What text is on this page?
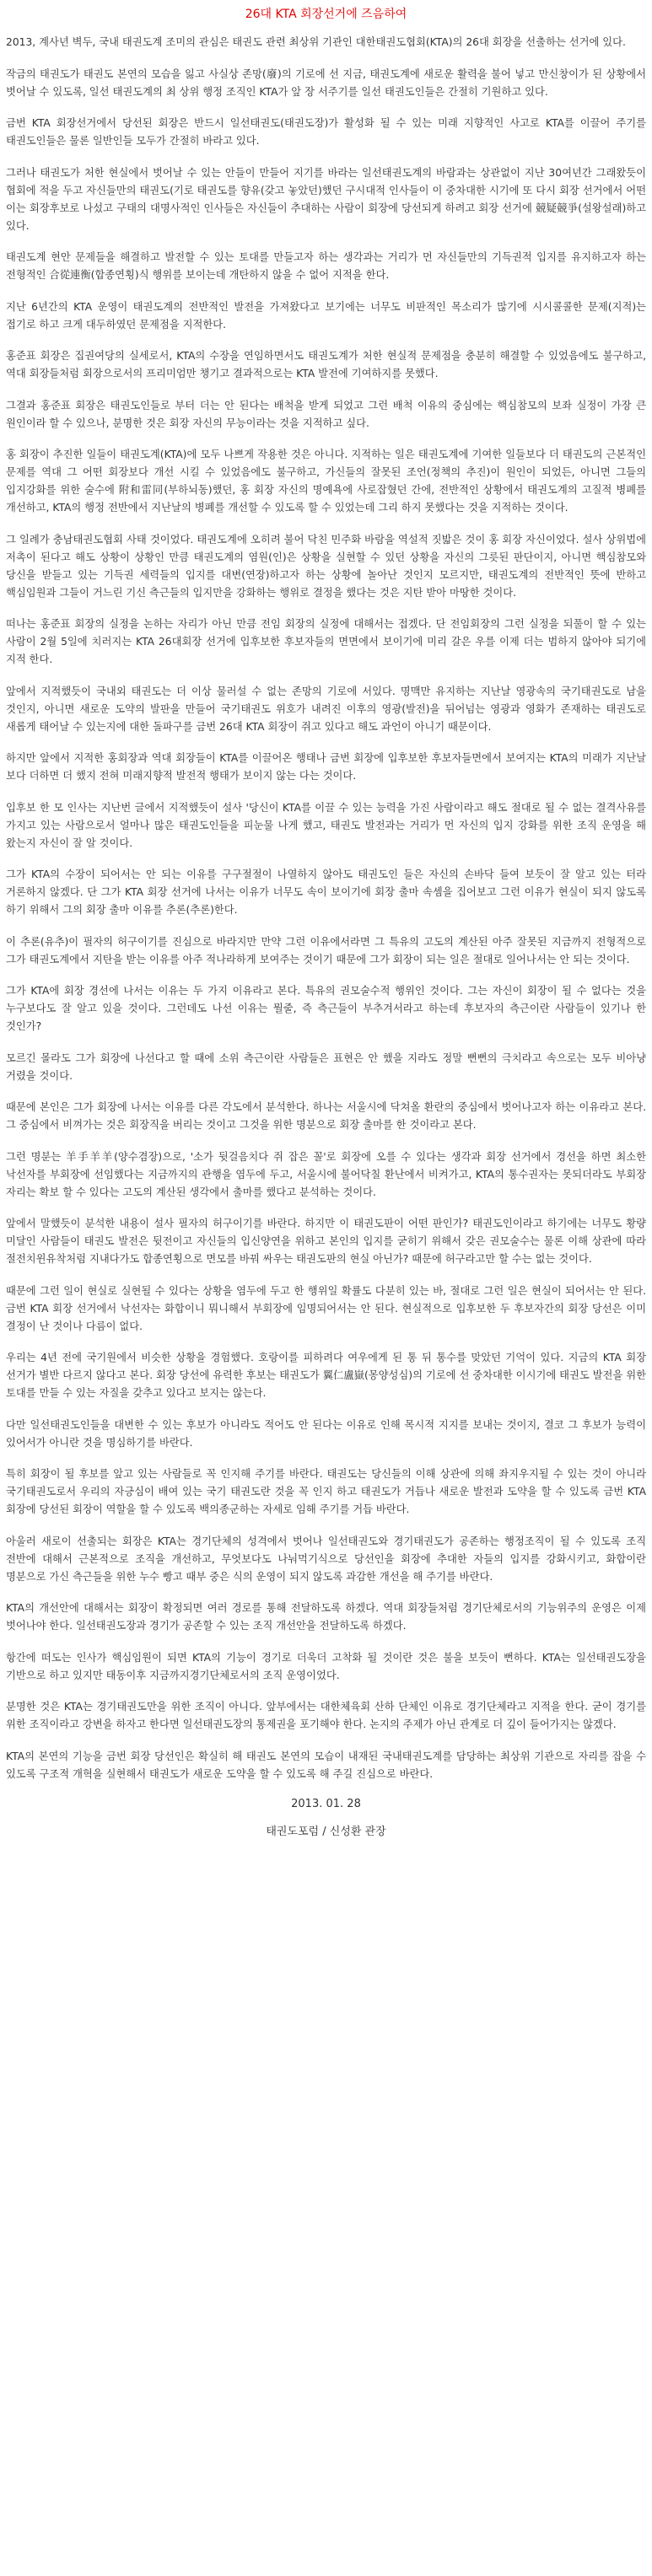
26대 KTA 회장선거에 즈음하여

2013, 계사년 벽두, 국내 태권도계 조미의 관심은 태권도 관련 최상위 기관인 대한태권도협회(KTA)의 26대 회장을 선출하는 선거에 있다.

작금의 태권도가 태권도 본연의 모습을 잃고 사실상 존망(廢)의 기로에 선 지금, 태권도계에 새로운 활력을 불어 넣고 만신창이가 된 상황에서 벗어날 수 있도록, 일선 태권도계의 최 상위 행정 조직인 KTA가 앞 장 서주기를 일선 태권도인들은 간절히 기원하고 있다.

금번 KTA 회장선거에서 당선된 회장은 반드시 일선태권도(태권도장)가 활성화 될 수 있는 미래 지향적인 사고로 KTA를 이끌어 주기를 태권도인들은 물론 일반인들 모두가 간절히 바라고 있다.

그러나 태권도가 처한 현실에서 벗어날 수 있는 안들이 만들어 지기를 바라는 일선태권도계의 바람과는 상관없이 지난 30여년간 그래왔듯이 협회에 적을 두고 자신들만의 태권도(기로 태권도를 향유(갖고 놓았던)했던 구시대적 인사들이 이 중차대한 시기에 또 다시 회장 선거에서 어떤 이는 회장후보로 나섰고 구태의 대명사적인 인사들은 자신들이 추대하는 사람이 회장에 당선되게 하려고 회장 선거에 競疑競爭(설왕설래)하고 있다.

태권도계 현안 문제들을 해결하고 발전할 수 있는 토대를 만들고자 하는 생각과는 거리가 먼 자신들만의 기득권적 입지를 유지하고자 하는 전형적인 合從連衡(합종연횡)식 행위를 보이는데 개탄하지 않을 수 없어 지적을 한다.

지난 6년간의 KTA 운영이 태권도계의 전반적인 발전을 가져왔다고 보기에는 너무도 비판적인 목소리가 많기에 시시콜콜한 문제(지적)는 접기로 하고 크게 대두하였던 문제점을 지적한다.

홍준표 회장은 집권여당의 실세로서, KTA의 수장을 연임하면서도 태권도계가 처한 현실적 문제점을 충분히 해결할 수 있었음에도 불구하고, 역대 회장들처럼 회장으로서의 프리미엄만 챙기고 결과적으로는 KTA 발전에 기여하지를 못했다.

그결과 홍준표 회장은 태권도인들로 부터 더는 안 된다는 배척을 받게 되었고 그런 배척 이유의 중심에는 핵심참모의 보좌 실정이 가장 큰 원인이라 할 수 있으나, 분명한 것은 회장 자신의 무능이라는 것을 지적하고 싶다.

홍 회장이 추진한 일들이 태권도계(KTA)에 모두 나쁘게 작용한 것은 아니다. 지적하는 일은 태권도계에 기여한 일들보다 더 태권도의 근본적인 문제를 역대 그 어떤 회장보다 개선 시킬 수 있었음에도 불구하고, 가신들의 잘못된 조언(정책의 추진)이 원인이 되었든, 아니면 그들의 입지강화를 위한 술수에 附和雷同(부하뇌동)했던, 홍 회장 자신의 명예욕에 사로잡혔던 간에, 전반적인 상황에서 태권도계의 고질적 병폐를 개선하고, KTA의 행정 전반에서 지난날의 병폐를 개선할 수 있도록 할 수 있었는데 그리 하지 못했다는 것을 지적하는 것이다.

그 일례가 충남태권도협회 사태 것이었다. 태권도계에 오히려 불어 닥친 민주화 바람을 역설적 짓밟은 것이 홍 회장 자신이었다. 설사 상위법에 저촉이 된다고 해도 상황이 상황인 만큼 태권도계의 염원(인)은 상황을 실현할 수 있던 상황을 자신의 그릇된 판단이지, 아니면 핵심참모와 당신을 받들고 있는 기득권 세력들의 입지를 대변(연장)하고자 하는 상황에 놀아난 것인지 모르지만, 태권도계의 전반적인 뜻에 반하고 핵심임원과 그들이 거느린 기신 측근들의 입지만을 강화하는 행위로 결정을 했다는 것은 지탄 받아 마땅한 것이다.

떠나는 홍준표 회장의 실정을 논하는 자리가 아닌 만큼 전임 회장의 실정에 대해서는 접겠다. 단 전임회장의 그런 실정을 되풀이 할 수 있는 사람이 2월 5일에 치러지는 KTA 26대회장 선거에 입후보한 후보자들의 면면에서 보이기에 미리 갈은 우를 이제 더는 범하지 않아야 되기에 지적 한다.

앞에서 지적했듯이 국내외 태권도는 더 이상 물러설 수 없는 존망의 기로에 서있다. 명맥만 유지하는 지난날 영광속의 국기태권도로 남을 것인지, 아니면 새로운 도약의 발판을 만들어 국기태권도 위호가 내려진 이후의 영광(발전)을 뒤어넘는 영광과 영화가 존재하는 태권도로 새롭게 태어날 수 있는지에 대한 돌파구를 금번 26대 KTA 회장이 쥐고 있다고 해도 과언이 아니기 때문이다.

하지만 앞에서 지적한 홍회장과 역대 회장들이 KTA를 이끌어온 행태나 금번 회장에 입후보한 후보자들면에서 보여지는 KTA의 미래가 지난날 보다 더하면 더 했지 전혀 미래지향적 발전적 행태가 보이지 않는 다는 것이다.

입후보 한 모 인사는 지난번 글에서 지적했듯이 설사 '당신이 KTA를 이끌 수 있는 능력을 가진 사람이라고 해도 절대로 될 수 없는 결격사유를 가지고 있는 사람으로서 얼마나 많은 태권도인들을 피눈물 나게 했고, 태권도 발전과는 거리가 먼 자신의 입지 강화를 위한 조직 운영을 해 왔는지 자신이 잘 알 것이다.

그가 KTA의 수장이 되어서는 안 되는 이유를 구구절절이 나열하지 않아도 태권도인 들은 자신의 손바닥 들여 보듯이 잘 알고 있는 터라 거론하지 않겠다. 단 그가 KTA 회장 선거에 나서는 이유가 너무도 속이 보이기에 회장 출마 속셈을 집어보고 그런 이유가 현실이 되지 않도록 하기 위해서 그의 회장 출마 이유를 추론(추론)한다.

이 추론(유추)이 필자의 허구이기를 진심으로 바라지만 만약 그런 이유에서라면 그 특유의 고도의 계산된 아주 잘못된 지금까지 전형적으로 그가 태권도계에서 지탄을 받는 이유를 아주 적나라하게 보여주는 것이기 때문에 그가 회장이 되는 일은 절대로 일어나서는 안 되는 것이다.

그가 KTA에 회장 경선에 나서는 이유는 두 가지 이유라고 본다. 특유의 권모술수적 행위인 것이다. 그는 자신이 회장이 될 수 없다는 것을 누구보다도 잘 알고 있을 것이다. 그런데도 나선 이유는 뭘줄, 즉 측근들이 부추겨서라고 하는데 후보자의 측근이란 사람들이 있기나 한 것인가?

모르긴 몰라도 그가 회장에 나선다고 할 때에 소위 측근이란 사람들은 표현은 안 했을 지라도 정말 뻔뻔의 극치라고 속으로는 모두 비아냥 거렸을 것이다.

때문에 본인은 그가 회장에 나서는 이유를 다른 각도에서 분석한다. 하나는 서울시에 닥쳐올 환란의 중심에서 벗어나고자 하는 이유라고 본다. 그 중심에서 비껴가는 것은 회장직을 버리는 것이고 그것을 위한 명분으로 회장 출마를 한 것이라고 본다.

그런 명분는 羊手羊羊(양수겸장)으로, '소가 뒷걸음치다 쥐 잡은 꼴'로 회장에 오를 수 있다는 생각과 회장 선거에서 경선을 하면 최소한 낙선자를 부회장에 선임했다는 지금까지의 관행을 염두에 두고, 서울시에 불어닥칠 환난에서 비켜가고, KTA의 통수권자는 못되더라도 부회장 자리는 확보 할 수 있다는 고도의 계산된 생각에서 출마를 했다고 분석하는 것이다.

앞에서 말했듯이 분석한 내용이 설사 필자의 허구이기를 바란다. 하지만 이 태권도판이 어떤 판인가? 태권도인이라고 하기에는 너무도 황량 미달인 사람들이 태권도 발전은 뒷전이고 자신들의 입신양연을 위하고 본인의 입지를 굳히기 위해서 갖은 권모술수는 물론 이해 상관에 따라 절전치윈유착처럼 지내다가도 합종연횡으로 면모를 바꿔 싸우는 태권도판의 현실 아닌가? 때문에 허구라고만 할 수는 없는 것이다.

때문에 그런 일이 현실로 실현될 수 있다는 상황을 염두에 두고 한 행위일 확률도 다분히 있는 바, 절대로 그런 일은 현실이 되어서는 안 된다. 금번 KTA 회장 선거에서 낙선자는 화합이니 뭐니해서 부회장에 임명되어서는 안 된다. 현실적으로 입후보한 두 후보자간의 회장 당선은 이미 결정이 난 것이나 다름이 없다.

우리는 4년 전에 국기원에서 비슷한 상황을 경험했다. 호랑이를 피하려다 여우에게 된 통 뒤 통수를 맞았던 기억이 있다. 지금의 KTA 회장 선거가 별반 다르지 않다고 본다. 회장 당선에 유력한 후보는 태권도가 翼仁盧嶽(몽양성심)의 기로에 선 중차대한 이시기에 태권도 발전을 위한 토대를 만들 수 있는 자질을 갖추고 있다고 보지는 않는다.

다만 일선태권도인들을 대변한 수 있는 후보가 아니라도 적어도 안 된다는 이유로 인해 목시적 지지를 보내는 것이지, 결코 그 후보가 능력이 있어서가 아니란 것을 명심하기를 바란다.

특히 회장이 될 후보를 앞고 있는 사람들로 꼭 인지해 주기를 바란다. 태권도는 당신들의 이해 상관에 의해 좌지우지될 수 있는 것이 아니라 국기태권도로서 우리의 자긍심이 배여 있는 국기 태권도란 것을 꼭 인지 하고 태권도가 거듭나 새로운 발전과 도약을 할 수 있도록 금번 KTA 회장에 당선된 회장이 역할을 할 수 있도록 백의종군하는 자세로 임해 주기를 거듭 바란다.

아울러 새로이 선출되는 회장은 KTA는 경기단체의 성격에서 벗어나 일선태권도와 경기태권도가 공존하는 행정조직이 될 수 있도록 조직 전반에 대해서 근본적으로 조직을 개선하고, 무엇보다도 나눠먹기식으로 당선인을 회장에 추대한 자들의 입지를 강화시키고, 화합이란 명분으로 가신 측근들을 위한 누수 빵고 때부 중은 식의 운영이 되지 않도록 과감한 개선을 해 주기를 바란다.

KTA의 개선안에 대해서는 회장이 확정되면 여러 경로를 통해 전달하도록 하겠다. 역대 회장들처럼 경기단체로서의 기능위주의 운영은 이제 벗어나야 한다. 일선태권도장과 경기가 공존할 수 있는 조직 개선안을 전달하도록 하겠다.

항간에 떠도는 인사가 핵심임원이 되면 KTA의 기능이 경기로 더욱더 고착화 될 것이란 것은 불을 보듯이 뻔하다. KTA는 일선태권도장을 기반으로 하고 있지만 태동이후 지금까지경기단체로서의 조직 운영이었다.

분명한 것은 KTA는 경기태권도만을 위한 조직이 아니다. 앞부에서는 대한체육회 산하 단체인 이유로 경기단체라고 지적을 한다. 굳이 경기를 위한 조직이라고 강변을 하자고 한다면 일선태권도장의 통제권을 포기해야 한다. 논지의 주제가 아닌 관계로 더 깊이 들어가지는 않겠다.

KTA의 본연의 기능을 금번 회장 당선인은 확실히 해 태권도 본연의 모습이 내재된 국내태권도계를 담당하는 최상위 기관으로 자리를 잡을 수 있도록 구조적 개혁을 실현해서 태권도가 새로운 도약을 할 수 있도록 해 주길 진심으로 바란다.

2013. 01. 28
태권도포럼 / 신성환 관장
